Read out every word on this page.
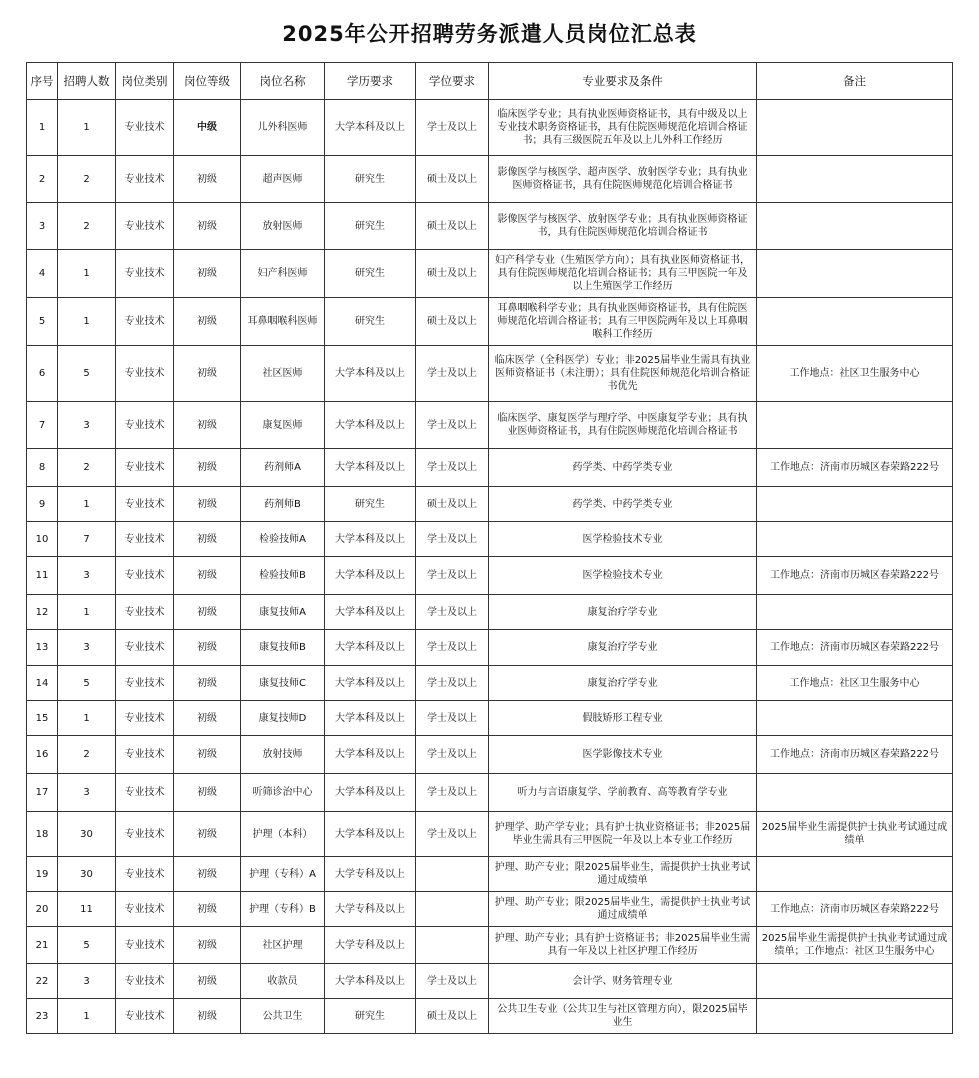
2025年公开招聘劳务派遣人员岗位汇总表
序号	招聘人数	岗位类别	岗位等级	岗位名称	学历要求	学位要求	专业要求及条件	备注
1	1	专业技术	中级	儿外科医师	大学本科及以上	学士及以上	临床医学专业；具有执业医师资格证书，具有中级及以上专业技术职务资格证书，具有住院医师规范化培训合格证书；具有三级医院五年及以上儿外科工作经历	
2	2	专业技术	初级	超声医师	研究生	硕士及以上	影像医学与核医学、超声医学、放射医学专业；具有执业医师资格证书，具有住院医师规范化培训合格证书	
3	2	专业技术	初级	放射医师	研究生	硕士及以上	影像医学与核医学、放射医学专业；具有执业医师资格证书，具有住院医师规范化培训合格证书	
4	1	专业技术	初级	妇产科医师	研究生	硕士及以上	妇产科学专业（生殖医学方向）；具有执业医师资格证书，具有住院医师规范化培训合格证书；具有三甲医院一年及以上生殖医学工作经历	
5	1	专业技术	初级	耳鼻咽喉科医师	研究生	硕士及以上	耳鼻咽喉科学专业；具有执业医师资格证书，具有住院医师规范化培训合格证书；具有三甲医院两年及以上耳鼻咽喉科工作经历	
6	5	专业技术	初级	社区医师	大学本科及以上	学士及以上	临床医学（全科医学）专业；非2025届毕业生需具有执业医师资格证书（未注册）；具有住院医师规范化培训合格证书优先	工作地点：社区卫生服务中心
7	3	专业技术	初级	康复医师	大学本科及以上	学士及以上	临床医学、康复医学与理疗学、中医康复学专业；具有执业医师资格证书，具有住院医师规范化培训合格证书	
8	2	专业技术	初级	药剂师A	大学本科及以上	学士及以上	药学类、中药学类专业	工作地点：济南市历城区春荣路222号
9	1	专业技术	初级	药剂师B	研究生	硕士及以上	药学类、中药学类专业	
10	7	专业技术	初级	检验技师A	大学本科及以上	学士及以上	医学检验技术专业	
11	3	专业技术	初级	检验技师B	大学本科及以上	学士及以上	医学检验技术专业	工作地点：济南市历城区春荣路222号
12	1	专业技术	初级	康复技师A	大学本科及以上	学士及以上	康复治疗学专业	
13	3	专业技术	初级	康复技师B	大学本科及以上	学士及以上	康复治疗学专业	工作地点：济南市历城区春荣路222号
14	5	专业技术	初级	康复技师C	大学本科及以上	学士及以上	康复治疗学专业	工作地点：社区卫生服务中心
15	1	专业技术	初级	康复技师D	大学本科及以上	学士及以上	假肢矫形工程专业	
16	2	专业技术	初级	放射技师	大学本科及以上	学士及以上	医学影像技术专业	工作地点：济南市历城区春荣路222号
17	3	专业技术	初级	听筛诊治中心	大学本科及以上	学士及以上	听力与言语康复学、学前教育、高等教育学专业	
18	30	专业技术	初级	护理（本科）	大学本科及以上	学士及以上	护理学、助产学专业；具有护士执业资格证书；非2025届毕业生需具有三甲医院一年及以上本专业工作经历	2025届毕业生需提供护士执业考试通过成绩单
19	30	专业技术	初级	护理（专科）A	大学专科及以上		护理、助产专业；限2025届毕业生，需提供护士执业考试通过成绩单	
20	11	专业技术	初级	护理（专科）B	大学专科及以上		护理、助产专业；限2025届毕业生，需提供护士执业考试通过成绩单	工作地点：济南市历城区春荣路222号
21	5	专业技术	初级	社区护理	大学专科及以上		护理、助产专业；具有护士资格证书；非2025届毕业生需具有一年及以上社区护理工作经历	2025届毕业生需提供护士执业考试通过成绩单；工作地点：社区卫生服务中心
22	3	专业技术	初级	收款员	大学本科及以上	学士及以上	会计学、财务管理专业	
23	1	专业技术	初级	公共卫生	研究生	硕士及以上	公共卫生专业（公共卫生与社区管理方向），限2025届毕业生	
